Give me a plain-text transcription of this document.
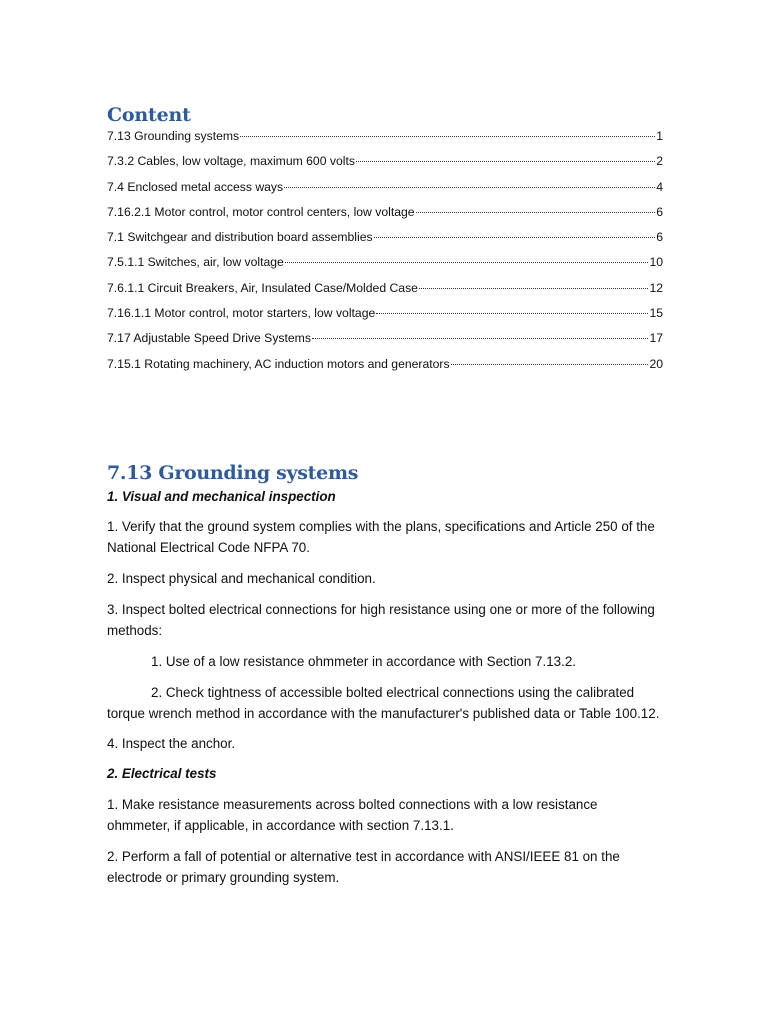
Content
7.13 Grounding systems	1
7.3.2 Cables, low voltage, maximum 600 volts	2
7.4 Enclosed metal access ways	4
7.16.2.1 Motor control, motor control centers, low voltage	6
7.1 Switchgear and distribution board assemblies	6
7.5.1.1 Switches, air, low voltage	10
7.6.1.1 Circuit Breakers, Air, Insulated Case/Molded Case	12
7.16.1.1 Motor control, motor starters, low voltage	15
7.17 Adjustable Speed Drive Systems	17
7.15.1 Rotating machinery, AC induction motors and generators	20
7.13 Grounding systems

1. Visual and mechanical inspection

1. Verify that the ground system complies with the plans, specifications and Article 250 of the National Electrical Code NFPA 70.

2. Inspect physical and mechanical condition.

3. Inspect bolted electrical connections for high resistance using one or more of the following methods:

1. Use of a low resistance ohmmeter in accordance with Section 7.13.2.

2. Check tightness of accessible bolted electrical connections using the calibrated torque wrench method in accordance with the manufacturer's published data or Table 100.12.

4. Inspect the anchor.

2. Electrical tests

1. Make resistance measurements across bolted connections with a low resistance ohmmeter, if applicable, in accordance with section 7.13.1.

2. Perform a fall of potential or alternative test in accordance with ANSI/IEEE 81 on the electrode or primary grounding system.
